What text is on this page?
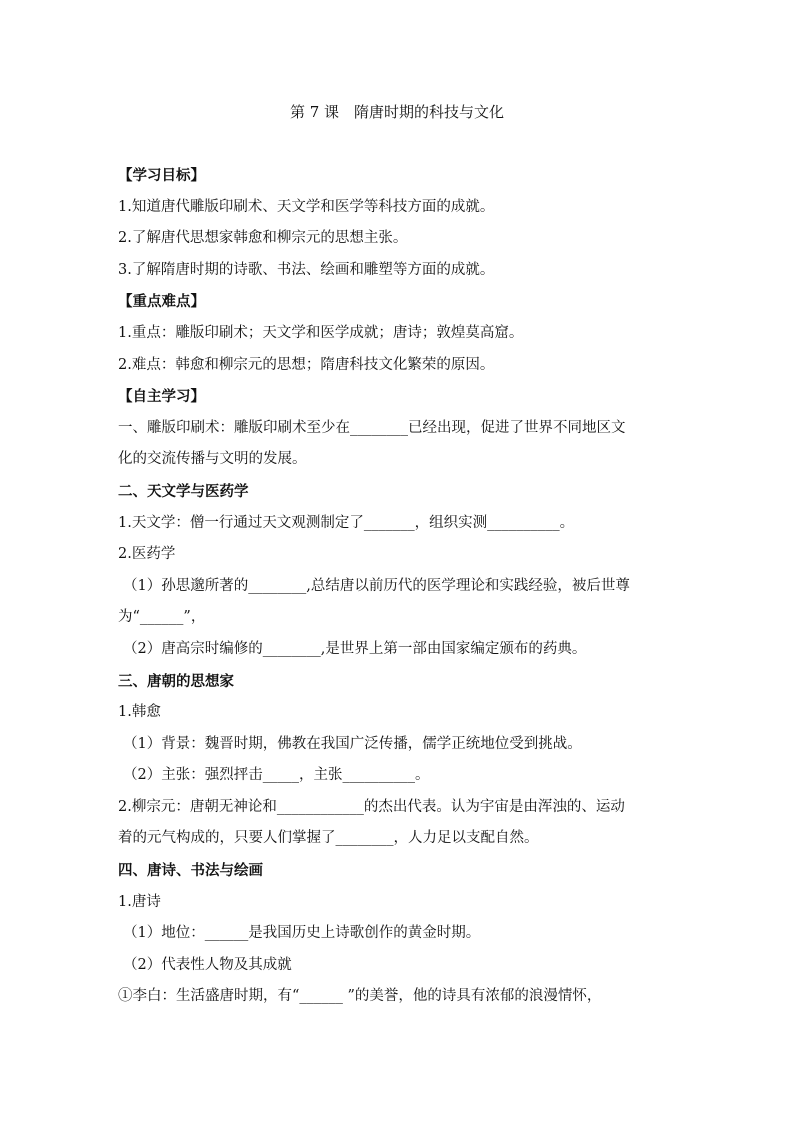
第 7 课　隋唐时期的科技与文化
【学习目标】
1.知道唐代雕版印刷术、天文学和医学等科技方面的成就。
2.了解唐代思想家韩愈和柳宗元的思想主张。
3.了解隋唐时期的诗歌、书法、绘画和雕塑等方面的成就。
【重点难点】
1.重点：雕版印刷术；天文学和医学成就；唐诗；敦煌莫高窟。
2.难点：韩愈和柳宗元的思想；隋唐科技文化繁荣的原因。
【自主学习】
一、雕版印刷术：雕版印刷术至少在________已经出现，促进了世界不同地区文
化的交流传播与文明的发展。
二、天文学与医药学
1.天文学：僧一行通过天文观测制定了_______，组织实测__________。
2.医药学
（1）孙思邈所著的________,总结唐以前历代的医学理论和实践经验，被后世尊
为“______”，
（2）唐高宗时编修的________,是世界上第一部由国家编定颁布的药典。
三、唐朝的思想家
1.韩愈
（1）背景：魏晋时期，佛教在我国广泛传播，儒学正统地位受到挑战。
（2）主张：强烈抨击_____，主张__________。
2.柳宗元：唐朝无神论和____________的杰出代表。认为宇宙是由浑浊的、运动
着的元气构成的，只要人们掌握了________，人力足以支配自然。
四、唐诗、书法与绘画
1.唐诗
（1）地位：______是我国历史上诗歌创作的黄金时期。
（2）代表性人物及其成就
①李白：生活盛唐时期，有“______ ”的美誉，他的诗具有浓郁的浪漫情怀，
